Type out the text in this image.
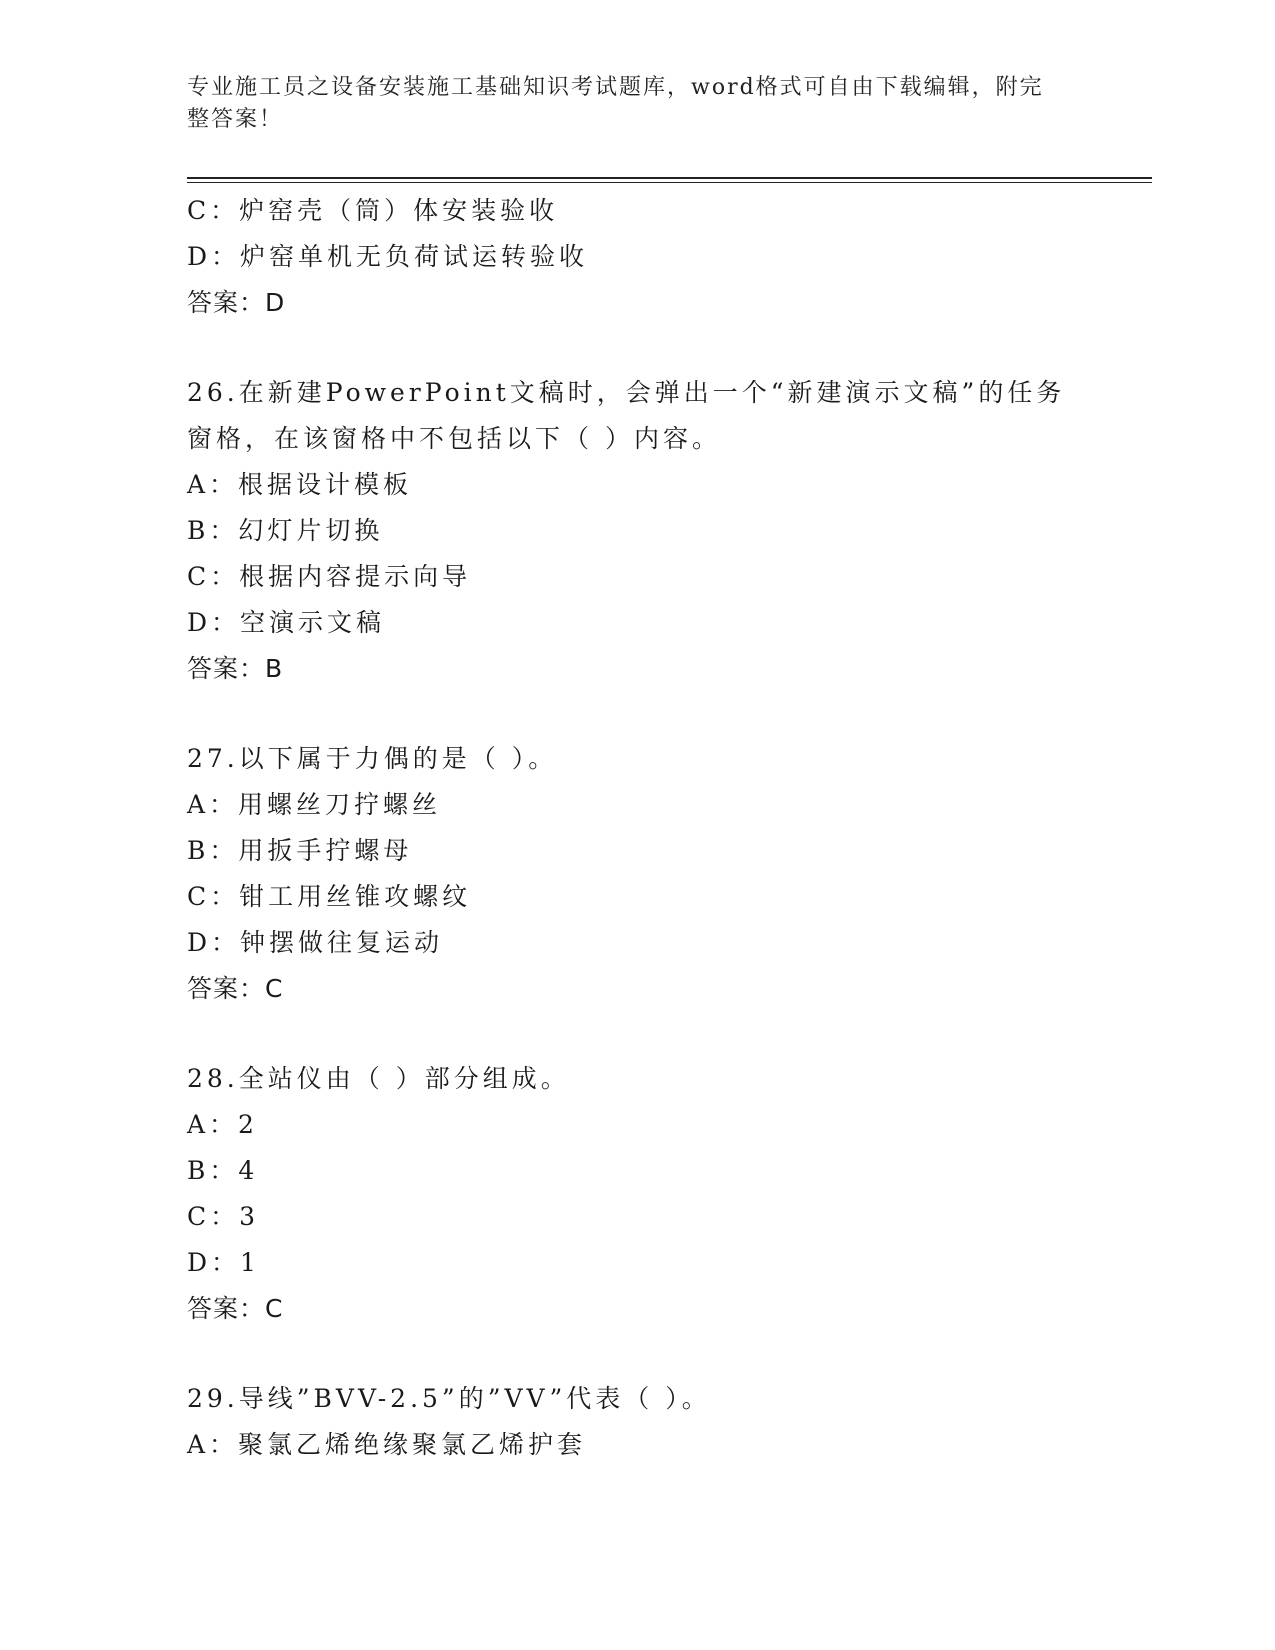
专业施工员之设备安装施工基础知识考试题库，word格式可自由下载编辑，附完整答案！
C：炉窑壳（筒）体安装验收
D：炉窑单机无负荷试运转验收
答案：D
26.在新建PowerPoint文稿时，会弹出一个“新建演示文稿”的任务窗格，在该窗格中不包括以下（ ）内容。
A：根据设计模板
B：幻灯片切换
C：根据内容提示向导
D：空演示文稿
答案：B
27.以下属于力偶的是（ ）。
A：用螺丝刀拧螺丝
B：用扳手拧螺母
C：钳工用丝锥攻螺纹
D：钟摆做往复运动
答案：C
28.全站仪由（ ）部分组成。
A：2
B：4
C：3
D：1
答案：C
29.导线”BVV-2.5”的”VV”代表（ ）。
A：聚氯乙烯绝缘聚氯乙烯护套
